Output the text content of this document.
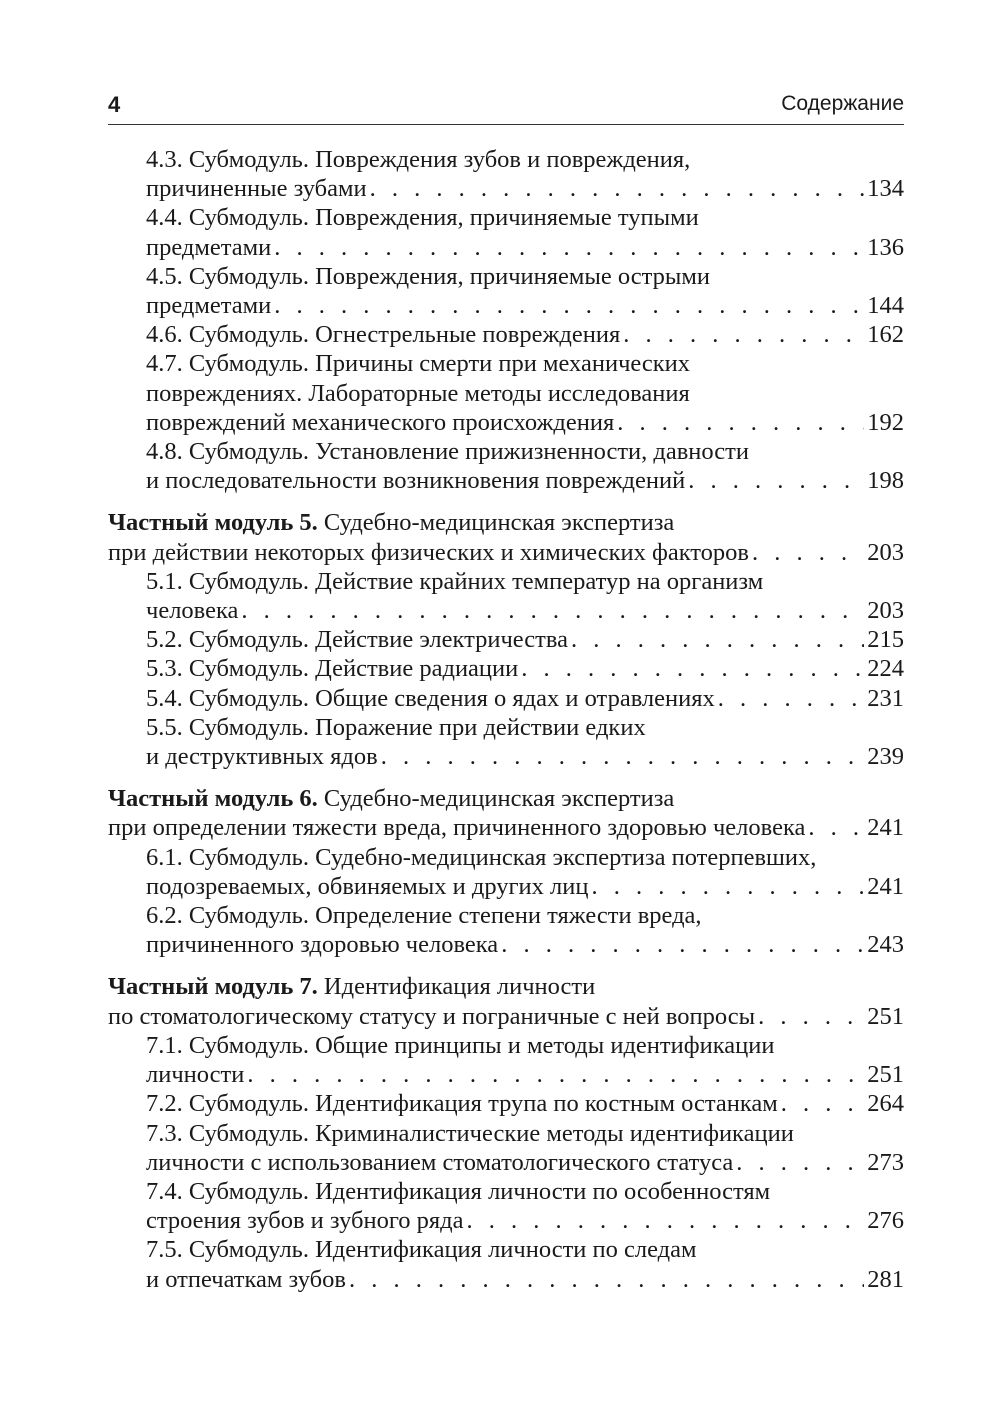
4	Содержание
4.3. Субмодуль. Повреждения зубов и повреждения,
причиненные зубами . . .	134
4.4. Субмодуль. Повреждения, причиняемые тупыми
предметами . . .	136
4.5. Субмодуль. Повреждения, причиняемые острыми
предметами . . .	144
4.6. Субмодуль. Огнестрельные повреждения . . .	162
4.7. Субмодуль. Причины смерти при механических
повреждениях. Лабораторные методы исследования
повреждений механического происхождения . . .	192
4.8. Субмодуль. Установление прижизненности, давности
и последовательности возникновения повреждений . . .	198
Частный модуль 5. Судебно-медицинская экспертиза
при действии некоторых физических и химических факторов . . .	203
5.1. Субмодуль. Действие крайних температур на организм
человека . . .	203
5.2. Субмодуль. Действие электричества . . .	215
5.3. Субмодуль. Действие радиации . . .	224
5.4. Субмодуль. Общие сведения о ядах и отравлениях . . .	231
5.5. Субмодуль. Поражение при действии едких
и деструктивных ядов . . .	239
Частный модуль 6. Судебно-медицинская экспертиза
при определении тяжести вреда, причиненного здоровью человека . . .	241
6.1. Субмодуль. Судебно-медицинская экспертиза потерпевших,
подозреваемых, обвиняемых и других лиц . . .	241
6.2. Субмодуль. Определение степени тяжести вреда,
причиненного здоровью человека . . .	243
Частный модуль 7. Идентификация личности
по стоматологическому статусу и пограничные с ней вопросы . . .	251
7.1. Субмодуль. Общие принципы и методы идентификации
личности . . .	251
7.2. Субмодуль. Идентификация трупа по костным останкам . . .	264
7.3. Субмодуль. Криминалистические методы идентификации
личности с использованием стоматологического статуса . . .	273
7.4. Субмодуль. Идентификация личности по особенностям
строения зубов и зубного ряда . . .	276
7.5. Субмодуль. Идентификация личности по следам
и отпечаткам зубов . . .	281
